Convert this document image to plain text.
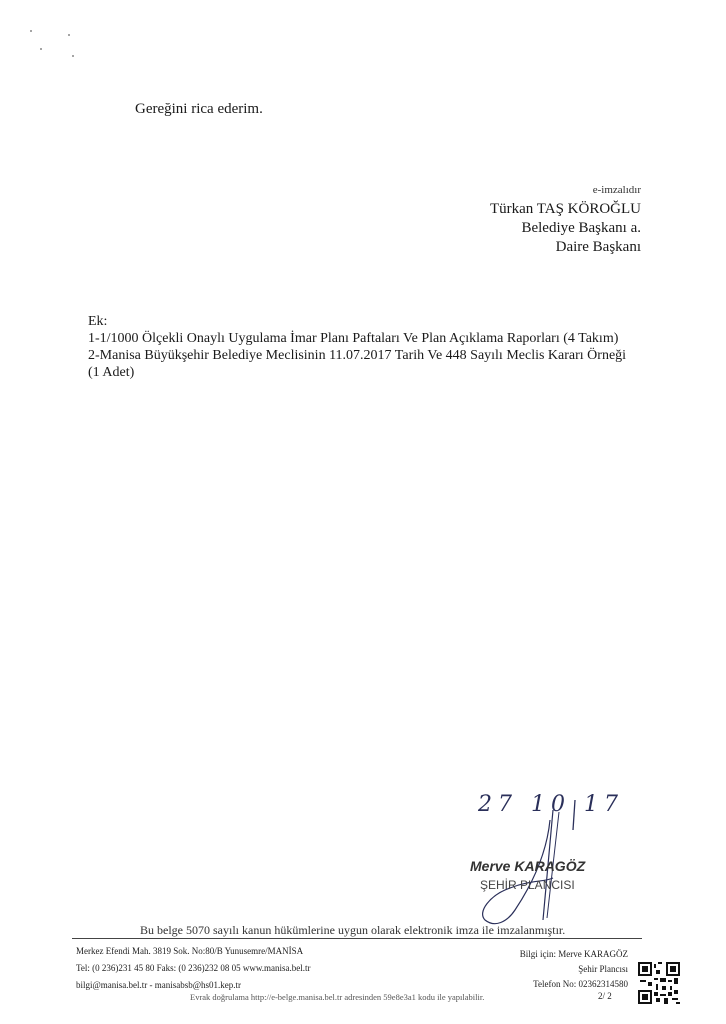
Gereğini rica ederim.
e-imzalıdır
Türkan TAŞ KÖROĞLU
Belediye Başkanı a.
Daire Başkanı
Ek:
1-1/1000 Ölçekli Onaylı Uygulama İmar Planı Paftaları Ve Plan Açıklama Raporları (4 Takım)
2-Manisa Büyükşehir Belediye Meclisinin 11.07.2017 Tarih Ve 448 Sayılı Meclis Kararı Örneği
(1 Adet)
27 10 17
Merve KARAGÖZ
ŞEHİR PLANCISI
Bu belge 5070 sayılı kanun hükümlerine uygun olarak elektronik imza ile imzalanmıştır.
Merkez Efendi Mah. 3819 Sok. No:80/B Yunusemre/MANİSA
Tel: (0 236)231 45 80 Faks: (0 236)232 08 05 www.manisa.bel.tr
bilgi@manisa.bel.tr - manisabsb@hs01.kep.tr
Bilgi için: Merve KARAGÖZ
Şehir Plancısı
Telefon No: 02362314580
Evrak doğrulama http://e-belge.manisa.bel.tr adresinden 59e8e3a1 kodu ile yapılabilir.	2/ 2
